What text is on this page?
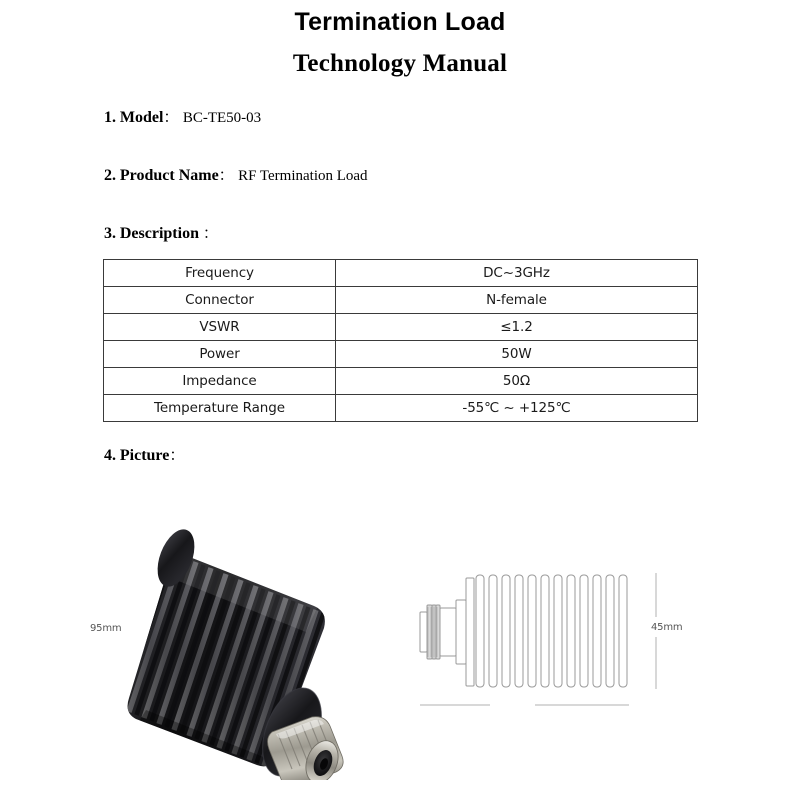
Termination Load
Technology Manual
1. Model： BC-TE50-03
2. Product Name： RF Termination Load
3. Description ：
Frequency	DC~3GHz
Connector	N-female
VSWR	≤1.2
Power	50W
Impedance	50Ω
Temperature Range	-55℃ ~ +125℃
4. Picture：
95mm	45mm
